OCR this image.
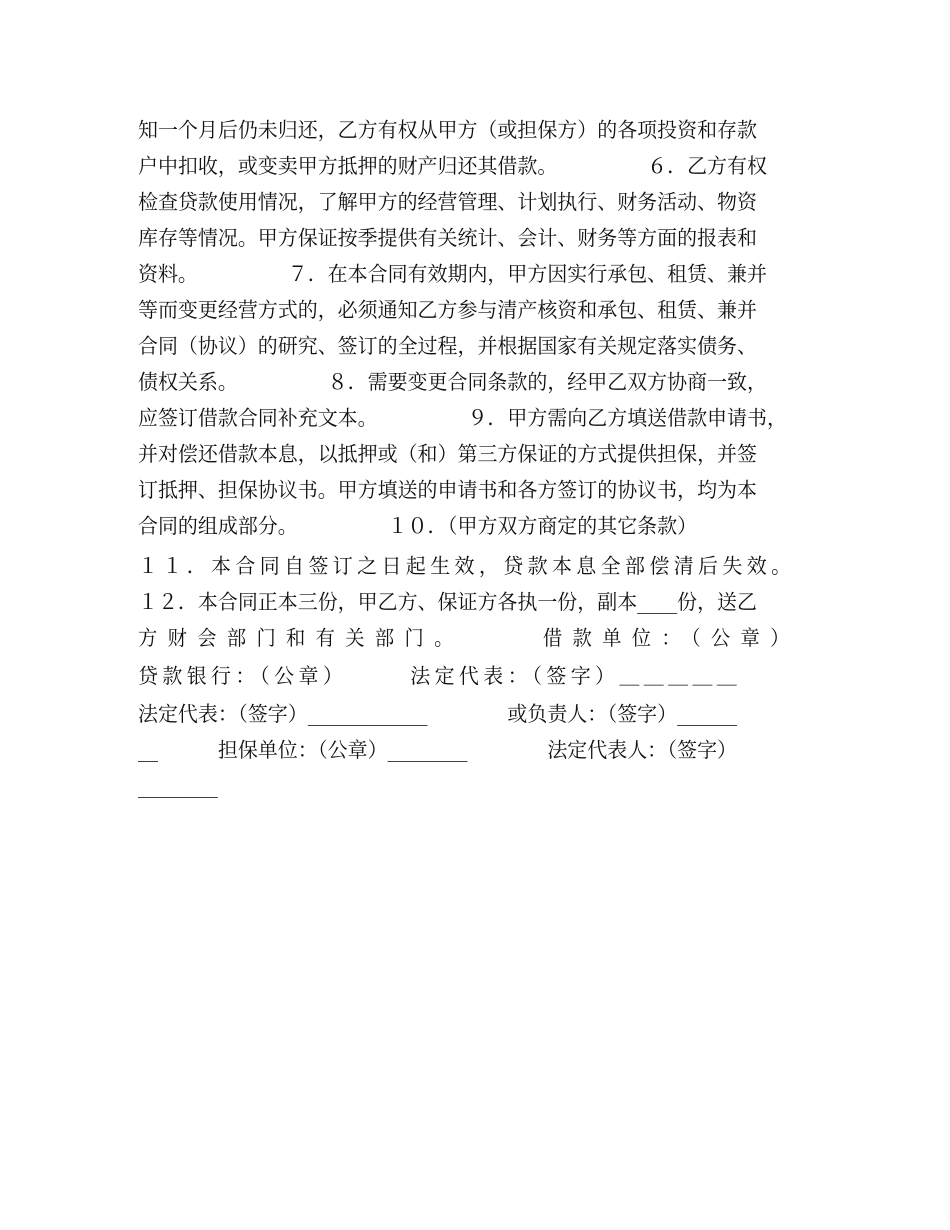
知一个月后仍未归还，乙方有权从甲方（或担保方）的各项投资和存款
户中扣收，或变卖甲方抵押的财产归还其借款。　　　　　６．乙方有权
检查贷款使用情况，了解甲方的经营管理、计划执行、财务活动、物资
库存等情况。甲方保证按季提供有关统计、会计、财务等方面的报表和
资料。　　　　　７．在本合同有效期内，甲方因实行承包、租赁、兼并
等而变更经营方式的，必须通知乙方参与清产核资和承包、租赁、兼并
合同（协议）的研究、签订的全过程，并根据国家有关规定落实债务、
债权关系。　　　　　８．需要变更合同条款的，经甲乙双方协商一致，
应签订借款合同补充文本。　　　　　９．甲方需向乙方填送借款申请书，
并对偿还借款本息，以抵押或（和）第三方保证的方式提供担保，并签
订抵押、担保协议书。甲方填送的申请书和各方签订的协议书，均为本
合同的组成部分。　　　　　１０．（甲方双方商定的其它条款）
１１．本合同自签订之日起生效，贷款本息全部偿清后失效。
１２．本合同正本三份，甲乙方、保证方各执一份，副本____份，送乙
方财会部门和有关部门。　　　借款单位：（公章）
贷款银行：（公章）　　　法定代表：（签字）＿＿＿＿＿
法定代表：（签字）____________　　　　或负责人：（签字）______
__　　　担保单位：（公章）________　　　　法定代表人：（签字）
________
